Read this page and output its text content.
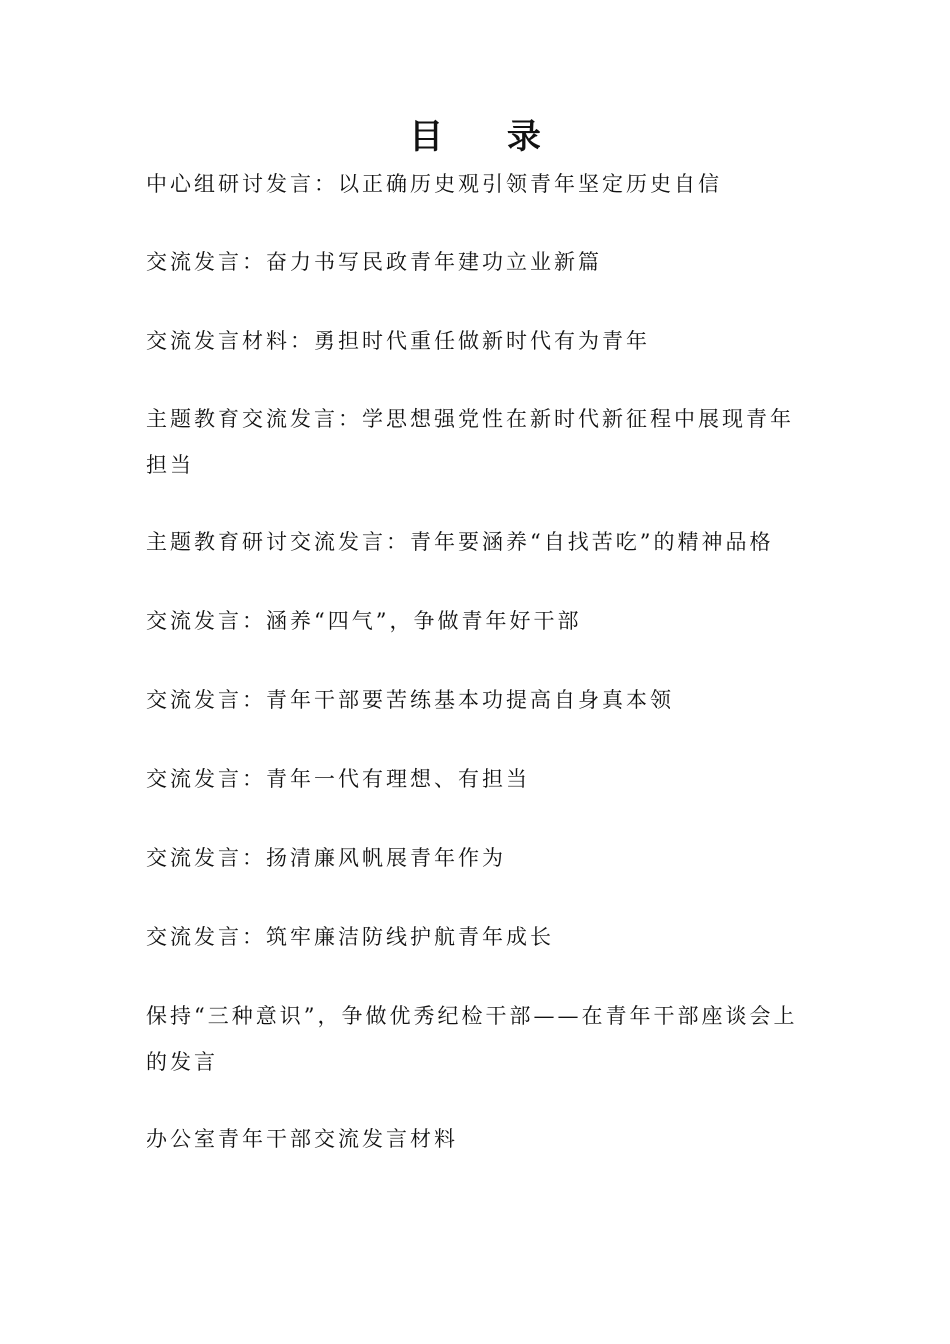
目 录
中心组研讨发言：以正确历史观引领青年坚定历史自信
交流发言：奋力书写民政青年建功立业新篇
交流发言材料：勇担时代重任做新时代有为青年
主题教育交流发言：学思想强党性在新时代新征程中展现青年担当
主题教育研讨交流发言：青年要涵养“自找苦吃”的精神品格
交流发言：涵养“四气”，争做青年好干部
交流发言：青年干部要苦练基本功提高自身真本领
交流发言：青年一代有理想、有担当
交流发言：扬清廉风帆展青年作为
交流发言：筑牢廉洁防线护航青年成长
保持“三种意识”，争做优秀纪检干部——在青年干部座谈会上的发言
办公室青年干部交流发言材料
